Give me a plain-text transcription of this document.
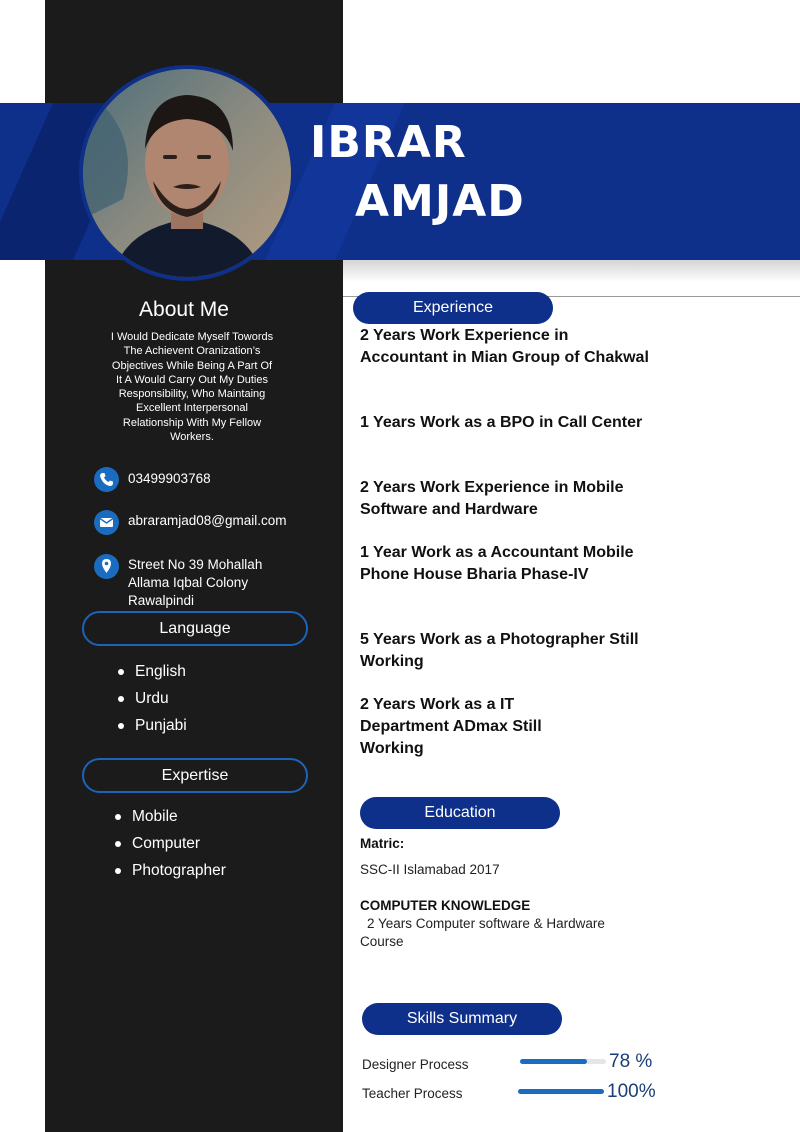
IBRAR
AMJAD
About Me
I Would Dedicate Myself Towords The Achievent Oranization’s Objectives While Being A Part Of It A Would Carry Out My Duties Responsibility, Who Maintaing Excellent Interpersonal Relationship With My Fellow Workers.
03499903768
abraramjad08@gmail.com
Street No 39 Mohallah
Allama Iqbal Colony
Rawalpindi
Language
English
Urdu
Punjabi
Expertise
Mobile
Computer
Photographer
Experience
2 Years Work Experience in Accountant in Mian Group of Chakwal
1 Years Work as a BPO in Call Center
2 Years Work Experience in Mobile Software and Hardware
1 Year Work as a Accountant Mobile Phone House Bharia Phase-IV
5 Years Work as a Photographer Still Working
2 Years Work as a IT Department ADmax Still Working
Education
Matric:
SSC-II Islamabad 2017
COMPUTER KNOWLEDGE
2 Years Computer software & Hardware Course
Skills Summary
Designer Process	78 %
Teacher Process	100%
